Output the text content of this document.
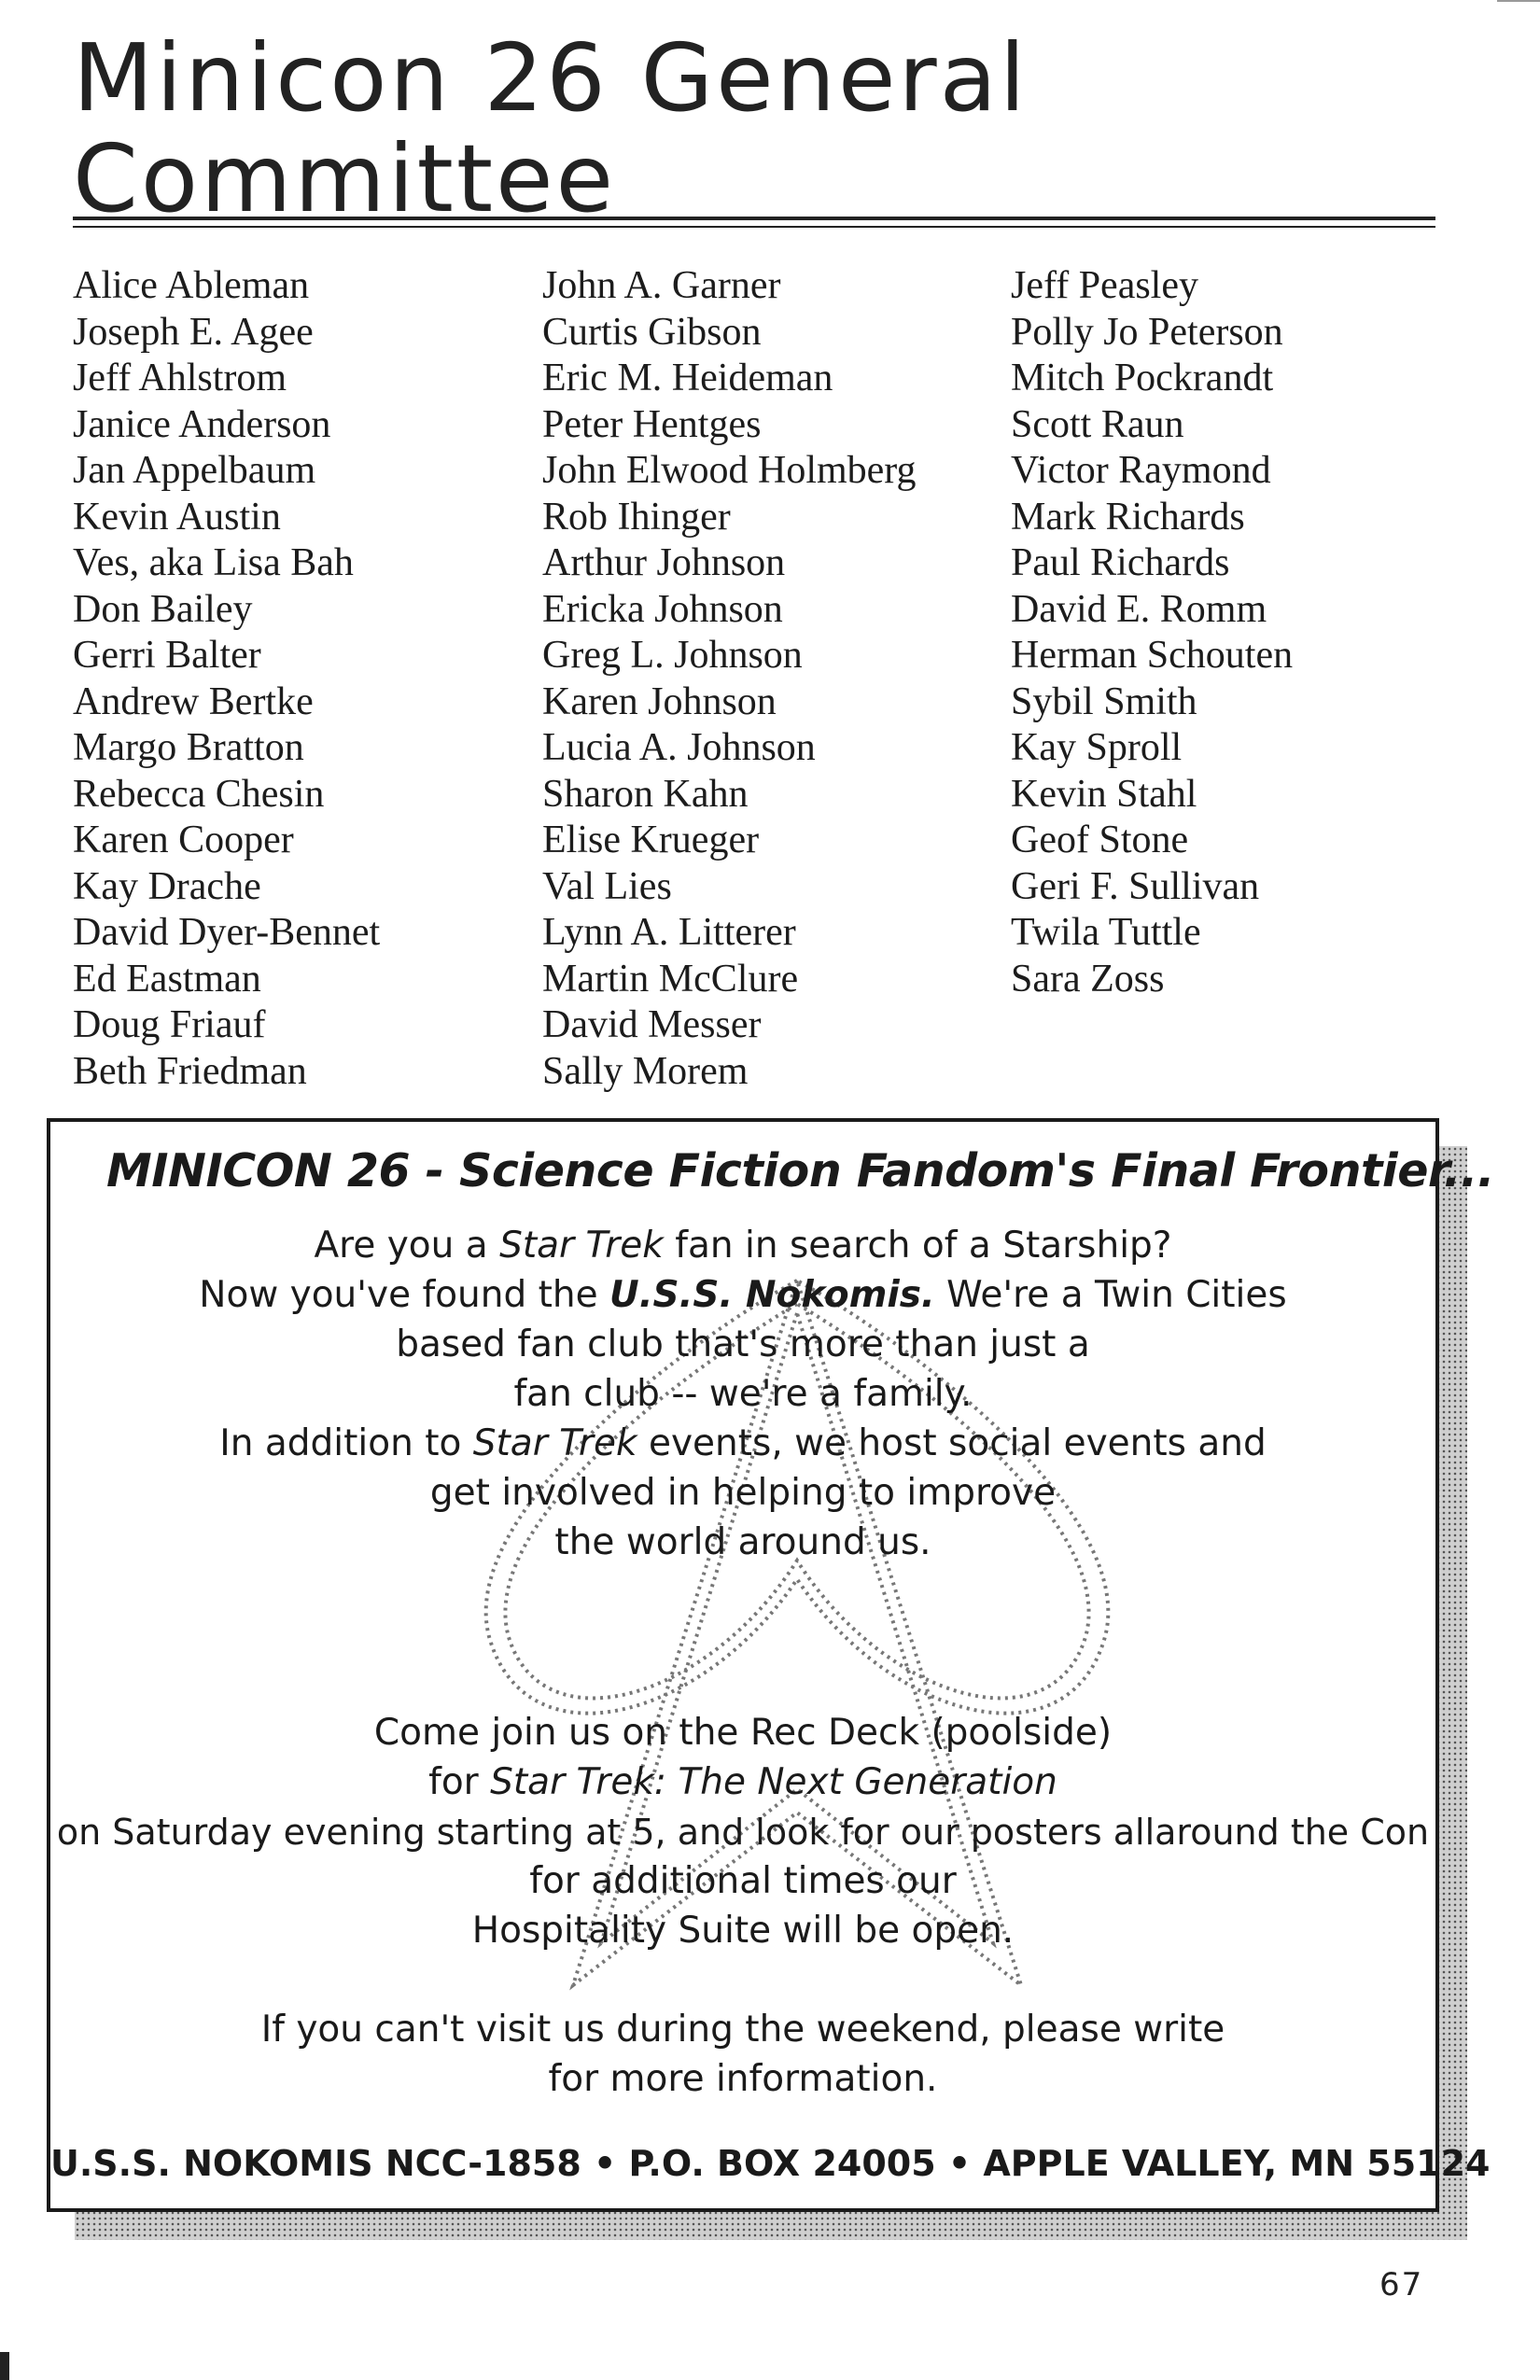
Minicon 26 General
Committee
Alice Ableman
Joseph E. Agee
Jeff Ahlstrom
Janice Anderson
Jan Appelbaum
Kevin Austin
Ves, aka Lisa Bah
Don Bailey
Gerri Balter
Andrew Bertke
Margo Bratton
Rebecca Chesin
Karen Cooper
Kay Drache
David Dyer-Bennet
Ed Eastman
Doug Friauf
Beth Friedman
John A. Garner
Curtis Gibson
Eric M. Heideman
Peter Hentges
John Elwood Holmberg
Rob Ihinger
Arthur Johnson
Ericka Johnson
Greg L. Johnson
Karen Johnson
Lucia A. Johnson
Sharon Kahn
Elise Krueger
Val Lies
Lynn A. Litterer
Martin McClure
David Messer
Sally Morem
Jeff Peasley
Polly Jo Peterson
Mitch Pockrandt
Scott Raun
Victor Raymond
Mark Richards
Paul Richards
David E. Romm
Herman Schouten
Sybil Smith
Kay Sproll
Kevin Stahl
Geof Stone
Geri F. Sullivan
Twila Tuttle
Sara Zoss
MINICON 26 - Science Fiction Fandom's Final Frontier...
Are you a Star Trek fan in search of a Starship?
Now you've found the U.S.S. Nokomis. We're a Twin Cities
based fan club that's more than just a
fan club -- we're a family.
In addition to Star Trek events, we host social events and
get involved in helping to improve
the world around us.
Come join us on the Rec Deck (poolside)
for Star Trek: The Next Generation
on Saturday evening starting at 5, and look for our posters allaround the Con
for additional times our
Hospitality Suite will be open.
If you can't visit us during the weekend, please write
for more information.
U.S.S. NOKOMIS NCC-1858 • P.O. BOX 24005 • APPLE VALLEY, MN 55124
67
